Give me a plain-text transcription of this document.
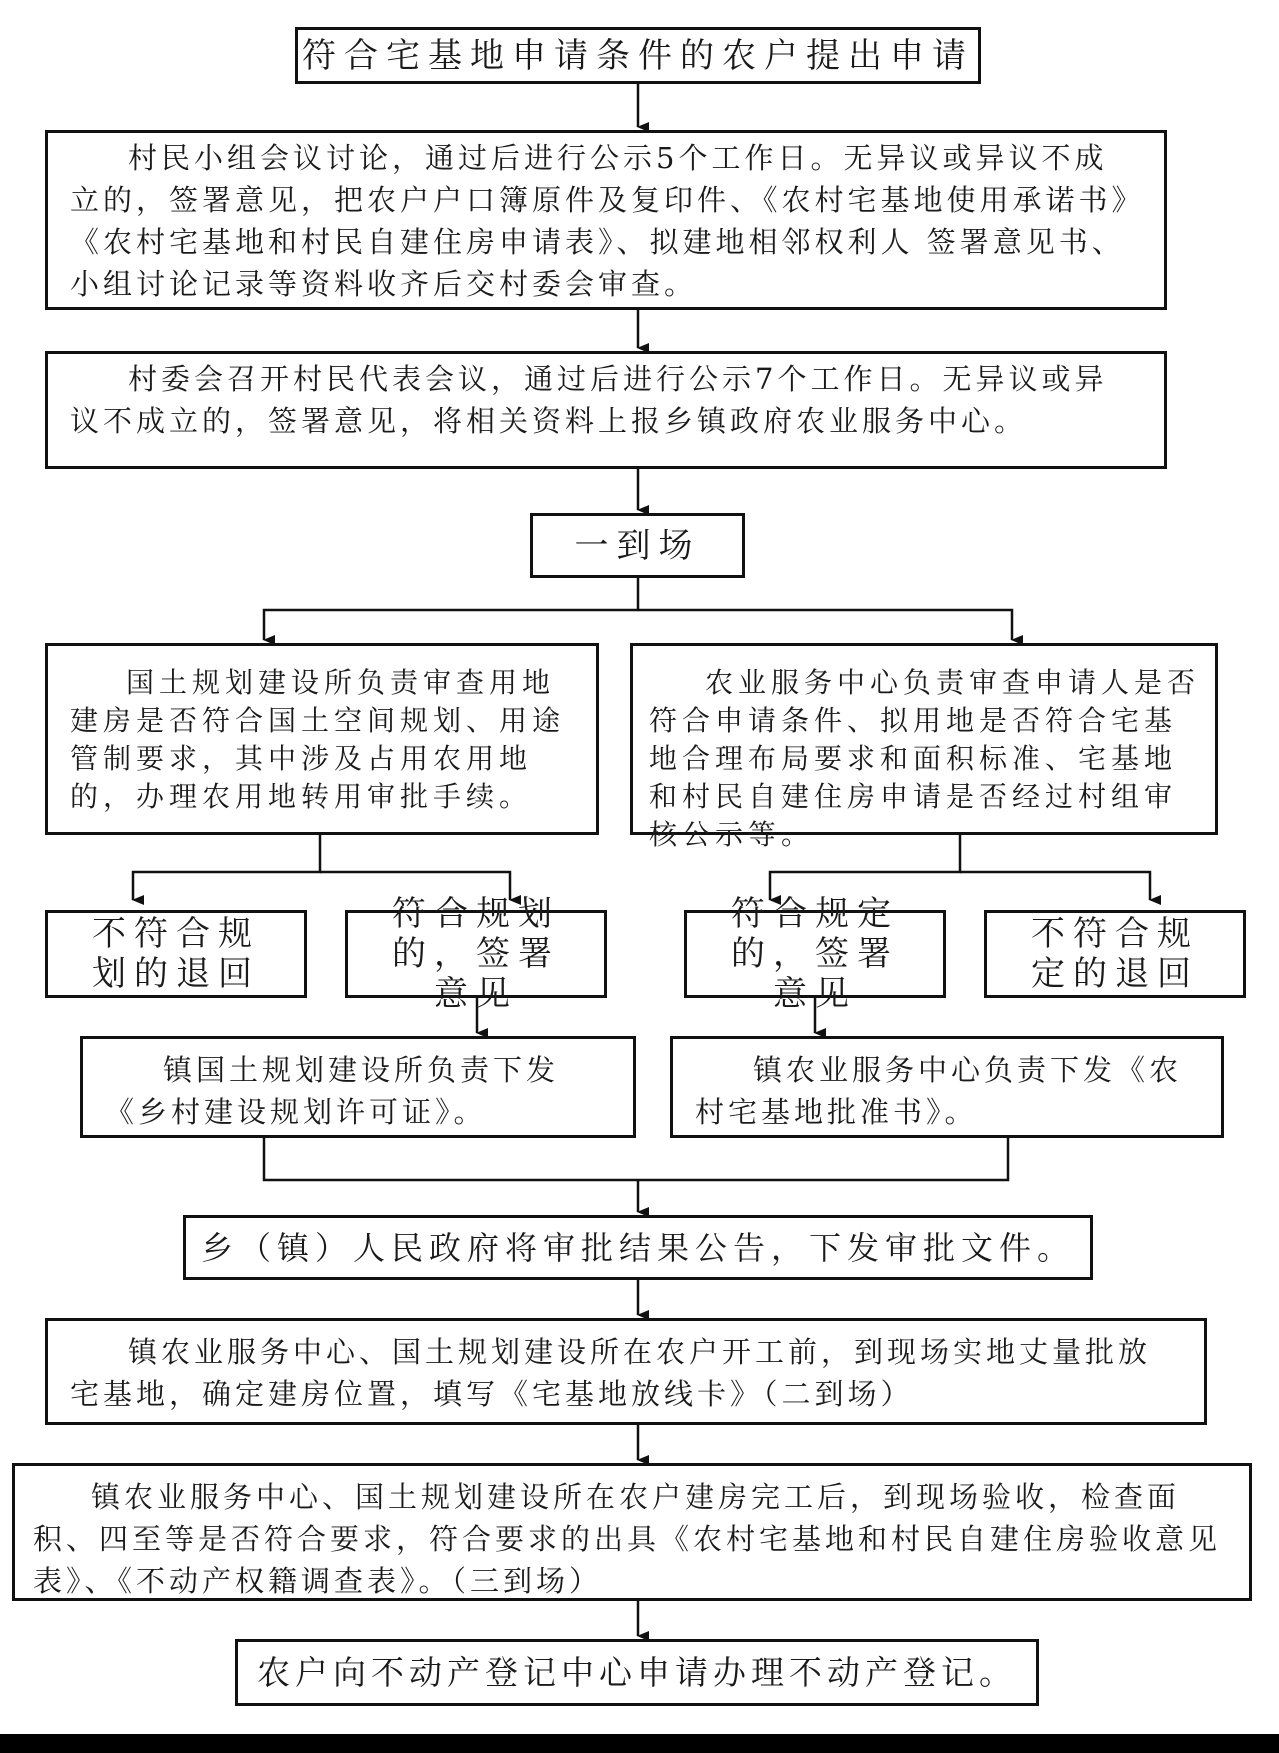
符合宅基地申请条件的农户提出申请
村民小组会议讨论，通过后进行公示5个工作日。无异议或异议不成立的，签署意见，把农户户口簿原件及复印件、《农村宅基地使用承诺书》《农村宅基地和村民自建住房申请表》、拟建地相邻权利人 签署意见书、小组讨论记录等资料收齐后交村委会审查。
村委会召开村民代表会议，通过后进行公示7个工作日。无异议或异议不成立的，签署意见，将相关资料上报乡镇政府农业服务中心。
一到场
国土规划建设所负责审查用地建房是否符合国土空间规划、用途管制要求，其中涉及占用农用地的，办理农用地转用审批手续。
农业服务中心负责审查申请人是否符合申请条件、拟用地是否符合宅基地合理布局要求和面积标准、宅基地和村民自建住房申请是否经过村组审核公示等。
不符合规划的退回
符合规划的，签署意见
符合规定的，签署意见
不符合规定的退回
镇国土规划建设所负责下发《乡村建设规划许可证》。
镇农业服务中心负责下发《农村宅基地批准书》。
乡（镇）人民政府将审批结果公告，下发审批文件。
镇农业服务中心、国土规划建设所在农户开工前，到现场实地丈量批放宅基地，确定建房位置，填写《宅基地放线卡》（二到场）
镇农业服务中心、国土规划建设所在农户建房完工后，到现场验收，检查面积、四至等是否符合要求，符合要求的出具《农村宅基地和村民自建住房验收意见表》、《不动产权籍调查表》。（三到场）
农户向不动产登记中心申请办理不动产登记。
